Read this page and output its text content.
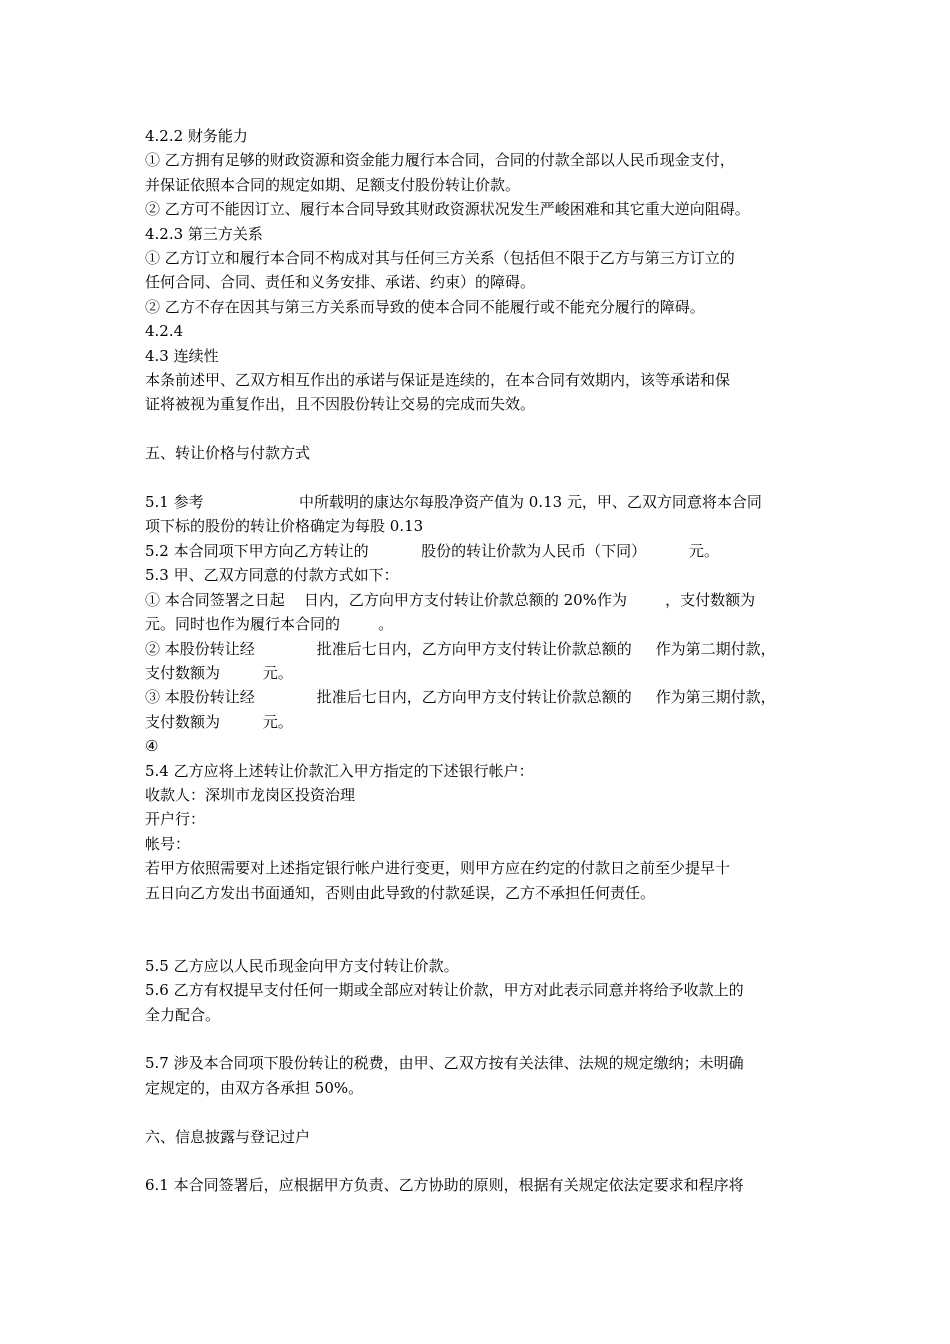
4.2.2 财务能力
① 乙方拥有足够的财政资源和资金能力履行本合同，合同的付款全部以人民币现金支付，
并保证依照本合同的规定如期、足额支付股份转让价款。
② 乙方可不能因订立、履行本合同导致其财政资源状况发生严峻困难和其它重大逆向阻碍。
4.2.3 第三方关系
① 乙方订立和履行本合同不构成对其与任何三方关系（包括但不限于乙方与第三方订立的
任何合同、合同、责任和义务安排、承诺、约束）的障碍。
② 乙方不存在因其与第三方关系而导致的使本合同不能履行或不能充分履行的障碍。
4.2.4
4.3 连续性
本条前述甲、乙双方相互作出的承诺与保证是连续的，在本合同有效期内，该等承诺和保
证将被视为重复作出，且不因股份转让交易的完成而失效。
五、转让价格与付款方式
5.1 参考                    中所载明的康达尔每股净资产值为 0.13 元，甲、乙双方同意将本合同
项下标的股份的转让价格确定为每股 0.13
5.2 本合同项下甲方向乙方转让的           股份的转让价款为人民币（下同）         元。
5.3 甲、乙双方同意的付款方式如下：
① 本合同签署之日起    日内，乙方向甲方支付转让价款总额的 20%作为        ，支付数额为
元。同时也作为履行本合同的        。
② 本股份转让经             批准后七日内，乙方向甲方支付转让价款总额的     作为第二期付款，
支付数额为         元。
③ 本股份转让经             批准后七日内，乙方向甲方支付转让价款总额的     作为第三期付款，
支付数额为         元。
④
5.4 乙方应将上述转让价款汇入甲方指定的下述银行帐户：
收款人：深圳市龙岗区投资治理
开户行：
帐号：
若甲方依照需要对上述指定银行帐户进行变更，则甲方应在约定的付款日之前至少提早十
五日向乙方发出书面通知，否则由此导致的付款延误，乙方不承担任何责任。
5.5 乙方应以人民币现金向甲方支付转让价款。
5.6 乙方有权提早支付任何一期或全部应对转让价款，甲方对此表示同意并将给予收款上的
全力配合。
5.7 涉及本合同项下股份转让的税费，由甲、乙双方按有关法律、法规的规定缴纳；未明确
定规定的，由双方各承担 50%。
六、信息披露与登记过户
6.1 本合同签署后，应根据甲方负责、乙方协助的原则，根据有关规定依法定要求和程序将
